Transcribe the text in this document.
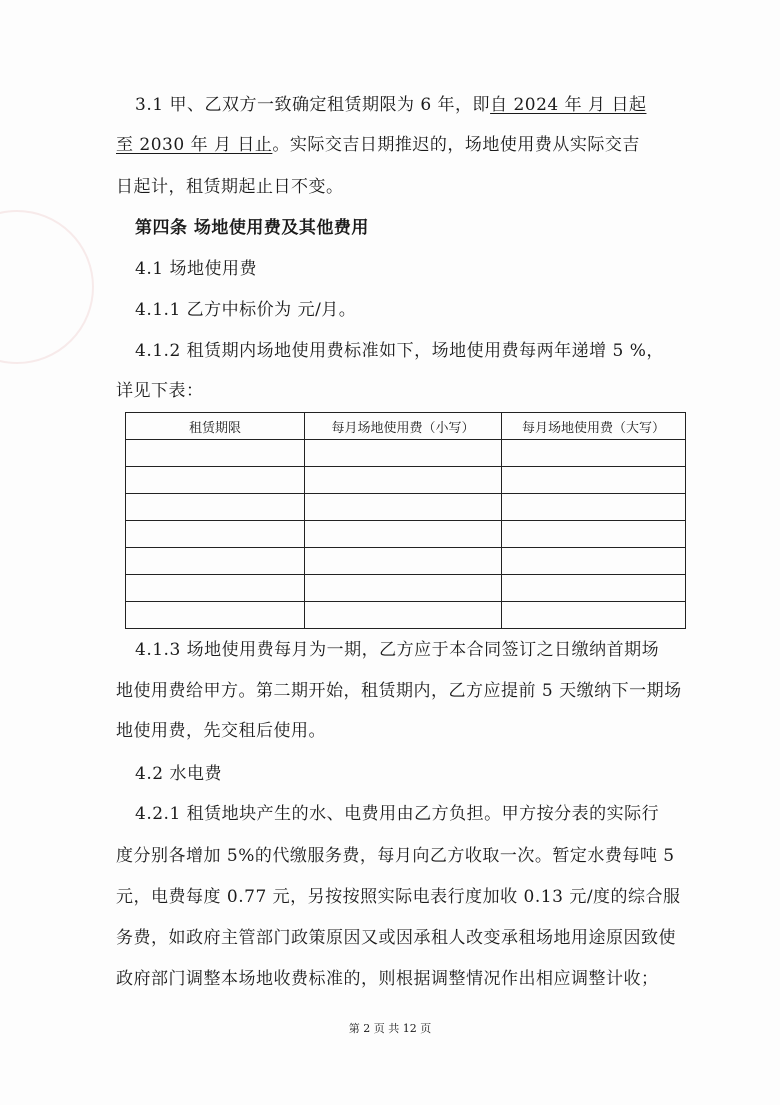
3.1 甲、乙双方一致确定租赁期限为 6 年，即自 2024 年 月 日起
至 2030 年 月 日止。实际交吉日期推迟的，场地使用费从实际交吉
日起计，租赁期起止日不变。
第四条 场地使用费及其他费用
4.1 场地使用费
4.1.1 乙方中标价为 元/月。
4.1.2 租赁期内场地使用费标准如下，场地使用费每两年递增 5 %，
详见下表：
租赁期限	每月场地使用费（小写）	每月场地使用费（大写）

4.1.3 场地使用费每月为一期，乙方应于本合同签订之日缴纳首期场
地使用费给甲方。第二期开始，租赁期内，乙方应提前 5 天缴纳下一期场
地使用费，先交租后使用。
4.2 水电费
4.2.1 租赁地块产生的水、电费用由乙方负担。甲方按分表的实际行
度分别各增加 5%的代缴服务费，每月向乙方收取一次。暂定水费每吨 5
元，电费每度 0.77 元，另按按照实际电表行度加收 0.13 元/度的综合服
务费，如政府主管部门政策原因又或因承租人改变承租场地用途原因致使
政府部门调整本场地收费标准的，则根据调整情况作出相应调整计收；
第 2 页 共 12 页
